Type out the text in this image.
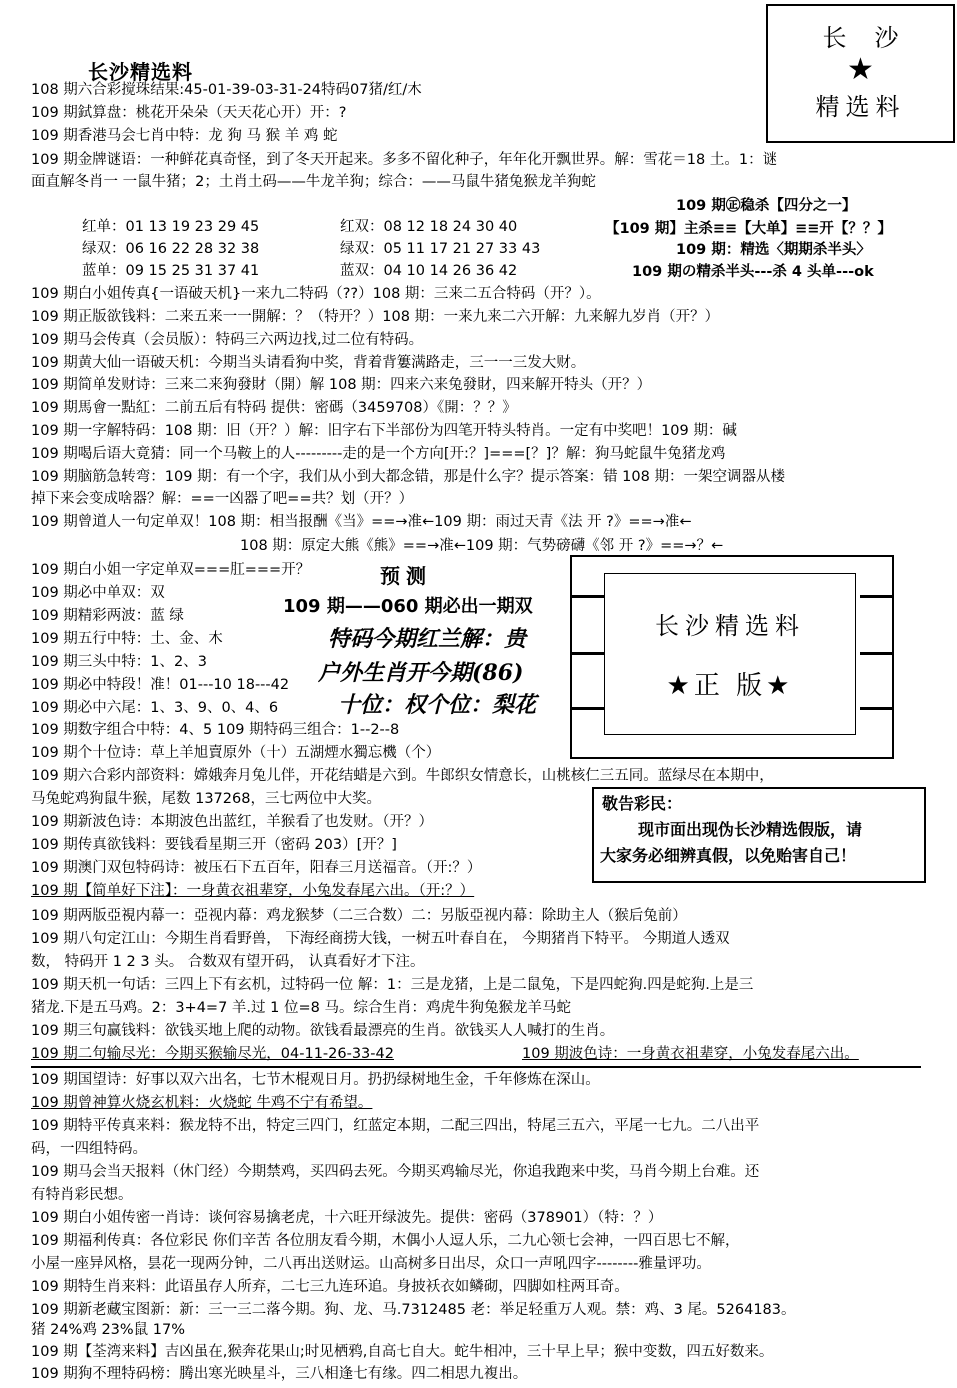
长沙精选料
长沙
★
精选料
108 期六合彩搅珠结果:45-01-39-03-31-24特码07猪/红/木
109 期鉽算盘：桃花开朵朵（天天花心开）开：?
109 期香港马会七肖中特：龙 狗 马 猴 羊 鸡 蛇
109 期金牌谜语：一种鲜花真奇怪，到了冬天开起来。多多不留化种子，年年化开飘世界。解：雪花＝18 土。1：谜
面直解冬肖一 一鼠牛猪；2；土肖土码——牛龙羊狗；综合：——马鼠牛猪兔猴龙羊狗蛇
109 期㊣稳杀【四分之一】
【109 期】主杀≡≡【大单】≡≡开【？？】
109 期：精选〈期期杀半头〉
109 期の精杀半头---杀 4 头单---ok
红单：01 13 19 23 29 45	红双：08 12 18 24 30 40
绿双：06 16 22 28 32 38	绿双：05 11 17 21 27 33 43
蓝单：09 15 25 31 37 41	蓝双：04 10 14 26 36 42
109 期白小姐传真{一语破天机}一来九二特码（??）108 期：三来二五合特码（开？）。
109 期正版欲钱料：二来五来一一開解：？（特开？）108 期：一来九来二六开解：九来解九岁肖（开？）
109 期马会传真（会员版）：特码三六两边找,过二位有特码。
109 期黄大仙一语破天机：今期当头请看狗中奖，背着背簍满路走，三一一三发大财。
109 期简单发财诗：三来二来狗發財（開）解 108 期：四来六来兔發財，四来解开特头（开？）
109 期馬會一點紅：二前五后有特码 提供：密碼（3459708）《開：？？》
109 期一字解特码：108 期：旧（开？）解：旧字右下半部份为四笔开特头特肖。一定有中奖吧！109 期：碱
109 期喝后语大竟猜：同一个马鞍上的人---------走的是一个方向[开:？]===[？]？解：狗马蛇鼠牛兔猪龙鸡
109 期脑筋急转弯：109 期：有一个字，我们从小到大都念错，那是什么字？提示答案：错 108 期：一架空调器从楼
掉下来会变成啥器？解：==一凶器了吧==共？划（开？）
109 期曾道人一句定单双！108 期：相当报酬《当》==→准←109 期：雨过天青《法 开 ?》==→准←
108 期：原定大熊《熊》==→准←109 期：气势磅礴《邻 开 ?》==→？←
109 期白小姐一字定单双===肛===开？
109 期必中单双：双
109 期精彩两波：蓝 绿
109 期五行中特：土、金、木
109 期三头中特：1、2、3
109 期必中特段！准！01---10 18---42
109 期必中六尾：1、3、9、0、4、6
109 期数字组合中特：4、5 109 期特码三组合：1--2--8
109 期个十位诗：草上羊旭賣原外（十）五湖煙水獨忘機（个）
预测
109 期——060 期必出一期双
特码今期红兰解：贵
户外生肖开今期(86)
十位：权个位：梨花
长沙精选料
★正 版★
109 期六合彩内部资料：嫦娥奔月兔儿伴，开花结蜡是六到。牛郎织女情意长，山桃核仁三五同。蓝绿尽在本期中，
马兔蛇鸡狗鼠牛猴，尾数 137268，三七两位中大奖。
109 期新波色诗：本期波色出蓝红，羊猴看了也发财。（开？）
109 期传真欲钱料：要钱看星期三开（密码 203）[开？]
109 期澳门双包特码诗：被压石下五百年，阳春三月送福音。（开:？）
109 期【简单好下注】：一身黄衣祖辈穿，小兔发春尾六出。（开:？）
敬告彩民：
现市面出现伪长沙精选假版，请
大家务必细辨真假，以免贻害自己！
109 期两版亞視内幕一：亞视内幕：鸡龙猴梦（二三合数）二：另版亞视内幕：除助主人（猴后兔前）
109 期八句定江山：今期生肖看野兽， 下海经商捞大钱，一树五叶春自在， 今期猪肖下特平。 今期道人透双
数， 特码开 1 2 3 头。 合数双有望开码， 认真看好才下注。
109 期天机一句话：三四上下有玄机，过特码一位 解：1：三是龙猪，上是二鼠兔，下是四蛇狗.四是蛇狗.上是三
猪龙.下是五马鸡。2：3+4=7 羊.过 1 位=8 马。综合生肖：鸡虎牛狗兔猴龙羊马蛇
109 期三句赢钱料：欲钱买地上爬的动物。欲钱看最漂亮的生肖。欲钱买人人喊打的生肖。
109 期二句输尽光：今期买猴输尽光，04-11-26-33-42	109 期波色诗：一身黄衣祖辈穿，小兔发春尾六出。
109 期国望诗：好事以双六出名，七节木棍观日月。扔扔绿树地生金，千年修炼在深山。
109 期曾神算火烧玄机料：火烧蛇 牛鸡不宁有希望。
109 期特平传真来料：猴龙特不出，特定三四门，红蓝定本期，二配三四出，特尾三五六，平尾一七九。二八出平
码，一四组特码。
109 期马会当天报料（休门经）今期禁鸡，买四码去死。今期买鸡输尽光，你追我跑来中奖，马肖今期上台难。还
有特肖彩民想。
109 期白小姐传密一肖诗：谈何容易擒老虎，十六旺开绿波先。提供：密码（378901）（特：？）
109 期福利传真：各位彩民 你们辛苦 各位朋友看今期，木偶小人逗人乐，二九心领七会神，一四百思七不解，
小屋一座异风格，昙花一现两分钟，二八再出送财运。山高树多日出尽，众口一声吼四字--------雅量评功。
109 期特生肖来料：此语虽存人所弃，二七三九连环追。身披袄衣如鳞砌，四脚如柱两耳奇。
109 期新老藏宝图新：新：三一三二落今期。狗、龙、马.7312485 老：举足轻重万人观。禁：鸡、3 尾。5264183。
猪 24%鸡 23%鼠 17%
109 期【荃湾来料】吉凶虽在,猴奔花果山;时见栖鸦,自高七自大。蛇牛相冲，三十早上早；猴中变数，四五好数来。
109 期狗不理特码榜：腾出寒光映星斗，三八相逢七有缘。四二相思九複出。
